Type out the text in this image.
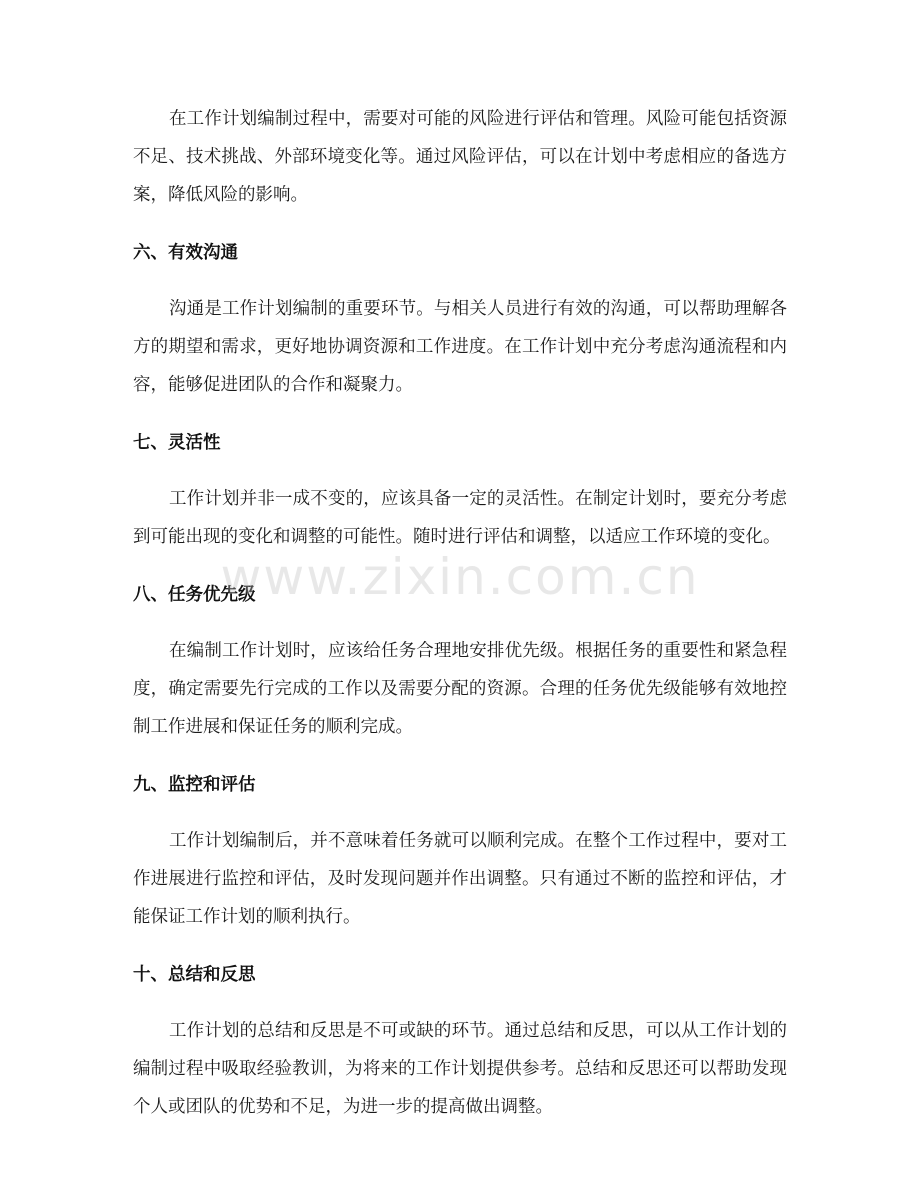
在工作计划编制过程中，需要对可能的风险进行评估和管理。风险可能包括资源不足、技术挑战、外部环境变化等。通过风险评估，可以在计划中考虑相应的备选方案，降低风险的影响。

六、有效沟通

沟通是工作计划编制的重要环节。与相关人员进行有效的沟通，可以帮助理解各方的期望和需求，更好地协调资源和工作进度。在工作计划中充分考虑沟通流程和内容，能够促进团队的合作和凝聚力。

七、灵活性

工作计划并非一成不变的，应该具备一定的灵活性。在制定计划时，要充分考虑到可能出现的变化和调整的可能性。随时进行评估和调整，以适应工作环境的变化。

八、任务优先级

在编制工作计划时，应该给任务合理地安排优先级。根据任务的重要性和紧急程度，确定需要先行完成的工作以及需要分配的资源。合理的任务优先级能够有效地控制工作进展和保证任务的顺利完成。

九、监控和评估

工作计划编制后，并不意味着任务就可以顺利完成。在整个工作过程中，要对工作进展进行监控和评估，及时发现问题并作出调整。只有通过不断的监控和评估，才能保证工作计划的顺利执行。

十、总结和反思

工作计划的总结和反思是不可或缺的环节。通过总结和反思，可以从工作计划的编制过程中吸取经验教训，为将来的工作计划提供参考。总结和反思还可以帮助发现个人或团队的优势和不足，为进一步的提高做出调整。

www.zixin.com.cn
